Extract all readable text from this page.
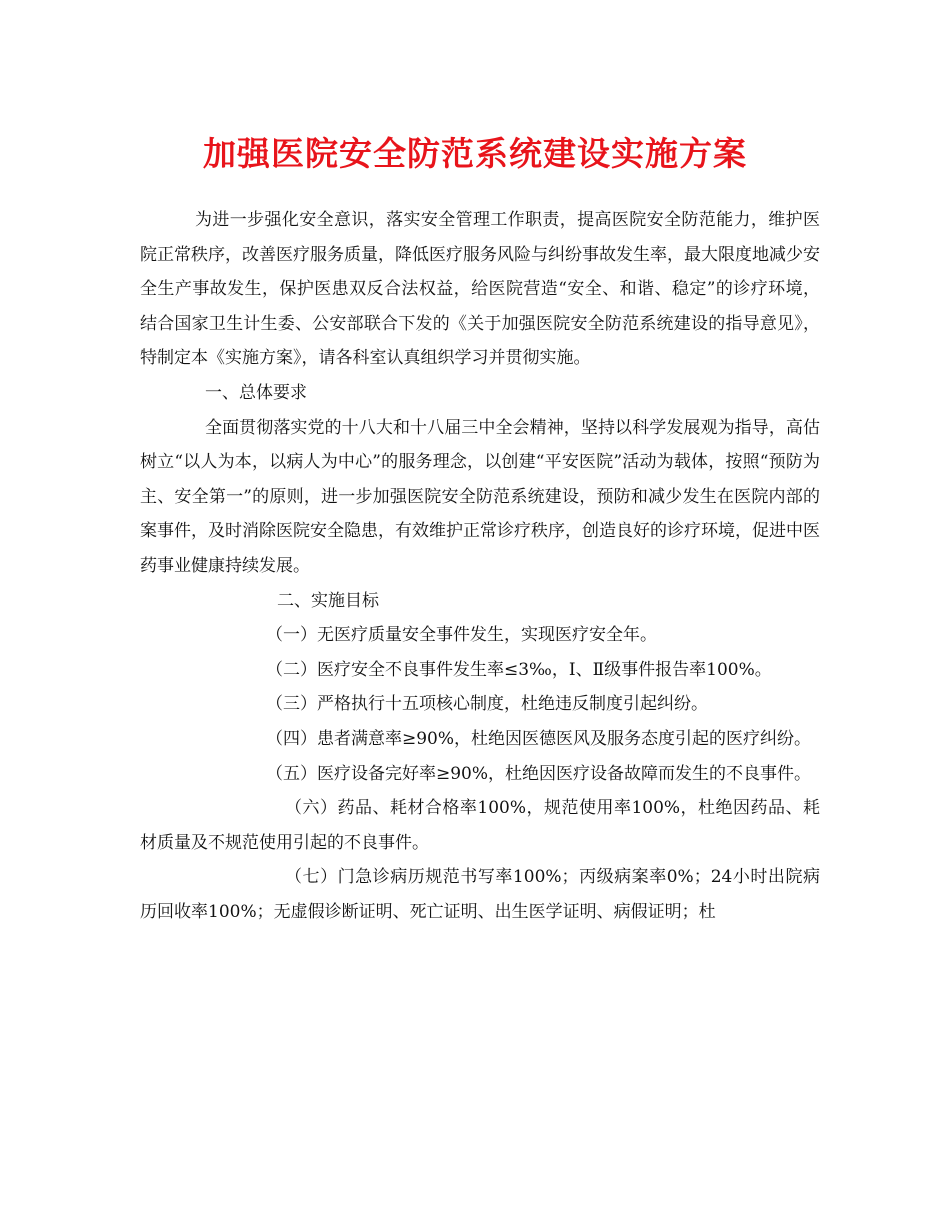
加强医院安全防范系统建设实施方案

为进一步强化安全意识，落实安全管理工作职责，提高医院安全防范能力，维护医院正常秩序，改善医疗服务质量，降低医疗服务风险与纠纷事故发生率，最大限度地减少安全生产事故发生，保护医患双反合法权益，给医院营造“安全、和谐、稳定”的诊疗环境，结合国家卫生计生委、公安部联合下发的《关于加强医院安全防范系统建设的指导意见》，特制定本《实施方案》，请各科室认真组织学习并贯彻实施。

一、总体要求

全面贯彻落实党的十八大和十八届三中全会精神，坚持以科学发展观为指导，高估树立“以人为本，以病人为中心”的服务理念，以创建“平安医院”活动为载体，按照“预防为主、安全第一”的原则，进一步加强医院安全防范系统建设，预防和减少发生在医院内部的案事件，及时消除医院安全隐患，有效维护正常诊疗秩序，创造良好的诊疗环境，促进中医药事业健康持续发展。

二、实施目标

（一）无医疗质量安全事件发生，实现医疗安全年。

（二）医疗安全不良事件发生率≤3‰，Ⅰ、Ⅱ级事件报告率100%。

（三）严格执行十五项核心制度，杜绝违反制度引起纠纷。

（四）患者满意率≥90%，杜绝因医德医风及服务态度引起的医疗纠纷。

（五）医疗设备完好率≥90%，杜绝因医疗设备故障而发生的不良事件。

（六）药品、耗材合格率100%，规范使用率100%，杜绝因药品、耗材质量及不规范使用引起的不良事件。

（七）门急诊病历规范书写率100%；丙级病案率0%；24小时出院病历回收率100%；无虚假诊断证明、死亡证明、出生医学证明、病假证明；杜
